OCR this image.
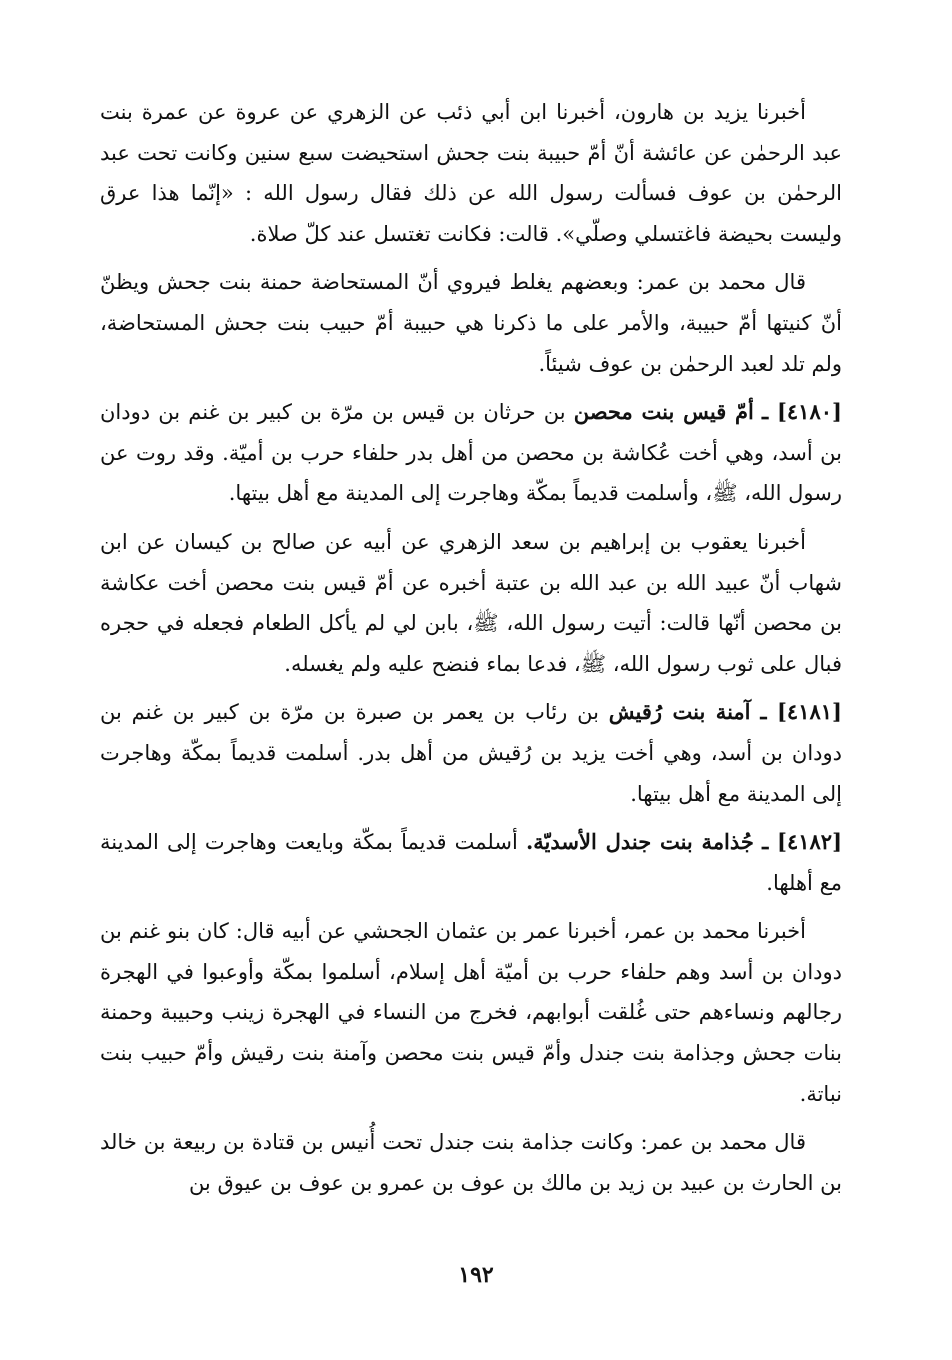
أخبرنا يزيد بن هارون، أخبرنا ابن أبي ذئب عن الزهري عن عروة عن عمرة بنت عبد الرحمٰن عن عائشة أنّ أمّ حبيبة بنت جحش استحيضت سبع سنين وكانت تحت عبد الرحمٰن بن عوف فسألت رسول الله عن ذلك فقال رسول الله : «إنّما هذا عرق وليست بحيضة فاغتسلي وصلّي». قالت: فكانت تغتسل عند كلّ صلاة.

قال محمد بن عمر: وبعضهم يغلط فيروي أنّ المستحاضة حمنة بنت جحش ويظنّ أنّ كنيتها أمّ حبيبة، والأمر على ما ذكرنا هي حبيبة أمّ حبيب بنت جحش المستحاضة، ولم تلد لعبد الرحمٰن بن عوف شيئاً.

[٤١٨٠] ـ أمّ قيس بنت محصن بن حرثان بن قيس بن مرّة بن كبير بن غنم بن دودان بن أسد، وهي أخت عُكاشة بن محصن من أهل بدر حلفاء حرب بن أميّة. وقد روت عن رسول الله، ﷺ، وأسلمت قديماً بمكّة وهاجرت إلى المدينة مع أهل بيتها.

أخبرنا يعقوب بن إبراهيم بن سعد الزهري عن أبيه عن صالح بن كيسان عن ابن شهاب أنّ عبيد الله بن عبد الله بن عتبة أخبره عن أمّ قيس بنت محصن أخت عكاشة بن محصن أنّها قالت: أتيت رسول الله، ﷺ، بابن لي لم يأكل الطعام فجعله في حجره فبال على ثوب رسول الله، ﷺ، فدعا بماء فنضح عليه ولم يغسله.

[٤١٨١] ـ آمنة بنت رُقيش بن رئاب بن يعمر بن صبرة بن مرّة بن كبير بن غنم بن دودان بن أسد، وهي أخت يزيد بن رُقيش من أهل بدر. أسلمت قديماً بمكّة وهاجرت إلى المدينة مع أهل بيتها.

[٤١٨٢] ـ جُذامة بنت جندل الأسديّة. أسلمت قديماً بمكّة وبايعت وهاجرت إلى المدينة مع أهلها.

أخبرنا محمد بن عمر، أخبرنا عمر بن عثمان الجحشي عن أبيه قال: كان بنو غنم بن دودان بن أسد وهم حلفاء حرب بن أميّة أهل إسلام، أسلموا بمكّة وأوعبوا في الهجرة رجالهم ونساءهم حتى غُلقت أبوابهم، فخرج من النساء في الهجرة زينب وحبيبة وحمنة بنات جحش وجذامة بنت جندل وأمّ قيس بنت محصن وآمنة بنت رقيش وأمّ حبيب بنت نباتة.

قال محمد بن عمر: وكانت جذامة بنت جندل تحت أُنيس بن قتادة بن ربيعة بن خالد بن الحارث بن عبيد بن زيد بن مالك بن عوف بن عمرو بن عوف بن عيوق بن

١٩٢
